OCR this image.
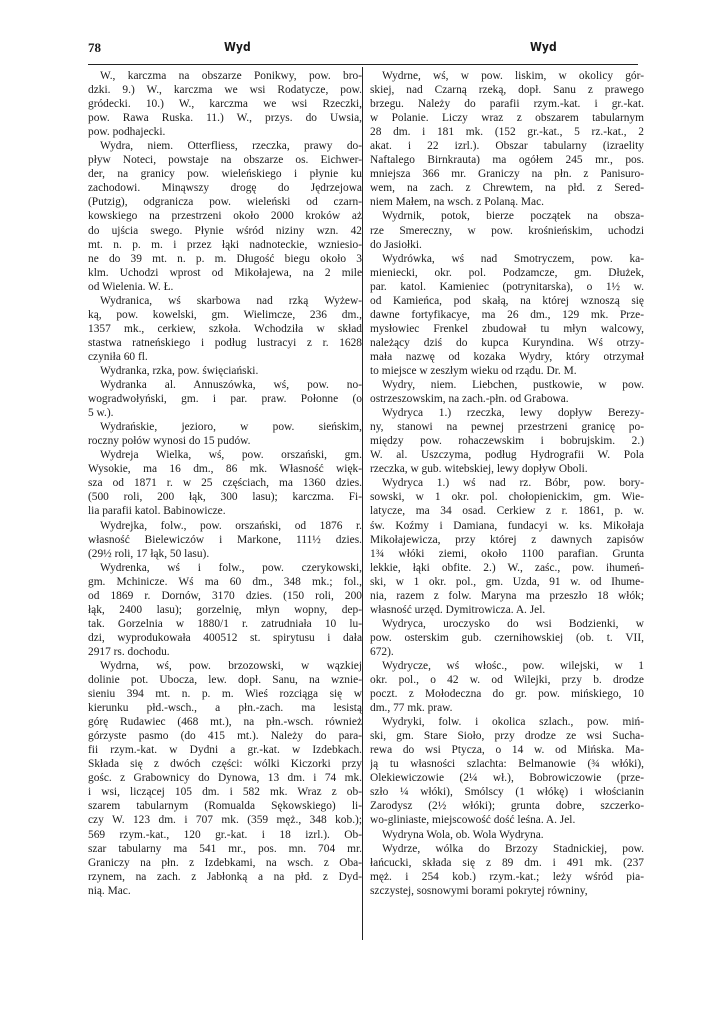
78	Wyd	Wyd
W., karczma na obszarze Ponikwy, pow. bro-
dzki. 9.) W., karczma we wsi Rodatycze, pow.
gródecki. 10.) W., karczma we wsi Rzeczki,
pow. Rawa Ruska. 11.) W., przys. do Uwsia,
pow. podhajecki.
Wydra, niem. Otterfliess, rzeczka, prawy do-
pływ Noteci, powstaje na obszarze os. Eichwer-
der, na granicy pow. wieleńskiego i płynie ku
zachodowi. Minąwszy drogę do Jędrzejowa
(Putzig), odgranicza pow. wieleński od czarn-
kowskiego na przestrzeni około 2000 kroków aż
do ujścia swego. Płynie wśród niziny wzn. 42
mt. n. p. m. i przez łąki nadnoteckie, wzniesio-
ne do 39 mt. n. p. m. Długość biegu około 3
klm. Uchodzi wprost od Mikołajewa, na 2 mile
od Wielenia. W. Ł.
Wydranica, wś skarbowa nad rzką Wyżew-
ką, pow. kowelski, gm. Wielimcze, 236 dm.,
1357 mk., cerkiew, szkoła. Wchodziła w skład
stastwa ratneńskiego i podług lustracyi z r. 1628
czyniła 60 fl.
Wydranka, rzka, pow. święciański.
Wydranka al. Annuszówka, wś, pow. no-
wogradwołyński, gm. i par. praw. Połonne (o
5 w.).
Wydrańskie, jezioro, w pow. sieńskim,
roczny połów wynosi do 15 pudów.
Wydreja Wielka, wś, pow. orszański, gm.
Wysokie, ma 16 dm., 86 mk. Własność więk-
sza od 1871 r. w 25 częściach, ma 1360 dzies.
(500 roli, 200 łąk, 300 lasu); karczma. Fi-
lia parafii katol. Babinowicze.
Wydrejka, folw., pow. orszański, od 1876 r.
własność Bielewiczów i Markone, 111½ dzies.
(29½ roli, 17 łąk, 50 lasu).
Wydrenka, wś i folw., pow. czerykowski,
gm. Mchinicze. Wś ma 60 dm., 348 mk.; fol.,
od 1869 r. Dornów, 3170 dzies. (150 roli, 200
łąk, 2400 lasu); gorzelnię, młyn wopny, dep-
tak. Gorzelnia w 1880/1 r. zatrudniała 10 lu-
dzi, wyprodukowała 400512 st. spirytusu i dała
2917 rs. dochodu.
Wydrna, wś, pow. brzozowski, w wązkiej
dolinie pot. Ubocza, lew. dopł. Sanu, na wznie-
sieniu 394 mt. n. p. m. Wieś rozciąga się w
kierunku płd.-wsch., a płn.-zach. ma lesistą
górę Rudawiec (468 mt.), na płn.-wsch. również
górzyste pasmo (do 415 mt.). Należy do para-
fii rzym.-kat. w Dydni a gr.-kat. w Izdebkach.
Składa się z dwóch części: wólki Kiczorki przy
gośc. z Grabownicy do Dynowa, 13 dm. i 74 mk.
i wsi, liczącej 105 dm. i 582 mk. Wraz z ob-
szarem tabularnym (Romualda Sękowskiego) li-
czy W. 123 dm. i 707 mk. (359 męż., 348 kob.);
569 rzym.-kat., 120 gr.-kat. i 18 izrl.). Ob-
szar tabularny ma 541 mr., pos. mn. 704 mr.
Graniczy na płn. z Izdebkami, na wsch. z Oba-
rzynem, na zach. z Jabłonką a na płd. z Dyd-
nią. Mac.
Wydrne, wś, w pow. liskim, w okolicy gór-
skiej, nad Czarną rzeką, dopł. Sanu z prawego
brzegu. Należy do parafii rzym.-kat. i gr.-kat.
w Polanie. Liczy wraz z obszarem tabularnym
28 dm. i 181 mk. (152 gr.-kat., 5 rz.-kat., 2
akat. i 22 izrl.). Obszar tabularny (izraelity
Naftalego Birnkrauta) ma ogółem 245 mr., pos.
mniejsza 366 mr. Graniczy na płn. z Panisuro-
wem, na zach. z Chrewtem, na płd. z Sered-
niem Małem, na wsch. z Polaną. Mac.
Wydrnik, potok, bierze początek na obsza-
rze Smereczny, w pow. krośnieńskim, uchodzi
do Jasiołki.
Wydrówka, wś nad Smotryczem, pow. ka-
mieniecki, okr. pol. Podzamcze, gm. Dłużek,
par. katol. Kamieniec (potrynitarska), o 1½ w.
od Kamieńca, pod skałą, na której wznoszą się
dawne fortyfikacye, ma 26 dm., 129 mk. Prze-
mysłowiec Frenkel zbudował tu młyn walcowy,
należący dziś do kupca Kuryndina. Wś otrzy-
mała nazwę od kozaka Wydry, który otrzymał
to miejsce w zeszłym wieku od rządu. Dr. M.
Wydry, niem. Liebchen, pustkowie, w pow.
ostrzeszowskim, na zach.-płn. od Grabowa.
Wydryca 1.) rzeczka, lewy dopływ Berezy-
ny, stanowi na pewnej przestrzeni granicę po-
między pow. rohaczewskim i bobrujskim. 2.)
W. al. Uszczyma, podług Hydrografii W. Pola
rzeczka, w gub. witebskiej, lewy dopływ Oboli.
Wydryca 1.) wś nad rz. Bóbr, pow. bory-
sowski, w 1 okr. pol. chołopienickim, gm. Wie-
latycze, ma 34 osad. Cerkiew z r. 1861, p. w.
św. Koźmy i Damiana, fundacyi w. ks. Mikołaja
Mikołajewicza, przy której z dawnych zapisów
1¾ włóki ziemi, około 1100 parafian. Grunta
lekkie, łąki obfite. 2.) W., zaśc., pow. ihumeń-
ski, w 1 okr. pol., gm. Uzda, 91 w. od Ihume-
nia, razem z folw. Maryna ma przeszło 18 włók;
własność urzęd. Dymitrowicza. A. Jel.
Wydryca, uroczysko do wsi Bodzienki, w
pow. osterskim gub. czernihowskiej (ob. t. VII,
672).
Wydrycze, wś włośc., pow. wilejski, w 1
okr. pol., o 42 w. od Wilejki, przy b. drodze
poczt. z Mołodeczna do gr. pow. mińskiego, 10
dm., 77 mk. praw.
Wydryki, folw. i okolica szlach., pow. miń-
ski, gm. Stare Sioło, przy drodze ze wsi Sucha-
rewa do wsi Ptycza, o 14 w. od Mińska. Ma-
ją tu własności szlachta: Belmanowie (¾ włóki),
Olekiewiczowie (2¼ wł.), Bobrowiczowie (prze-
szło ¼ włóki), Smólscy (1 włókę) i włościanin
Zarodysz (2½ włóki); grunta dobre, szczerko-
wo-gliniaste, miejscowość dość leśna. A. Jel.
Wydryna Wola, ob. Wola Wydryna.
Wydrze, wólka do Brzozy Stadnickiej, pow.
łańcucki, składa się z 89 dm. i 491 mk. (237
męż. i 254 kob.) rzym.-kat.; leży wśród pia-
szczystej, sosnowymi borami pokrytej równiny,
